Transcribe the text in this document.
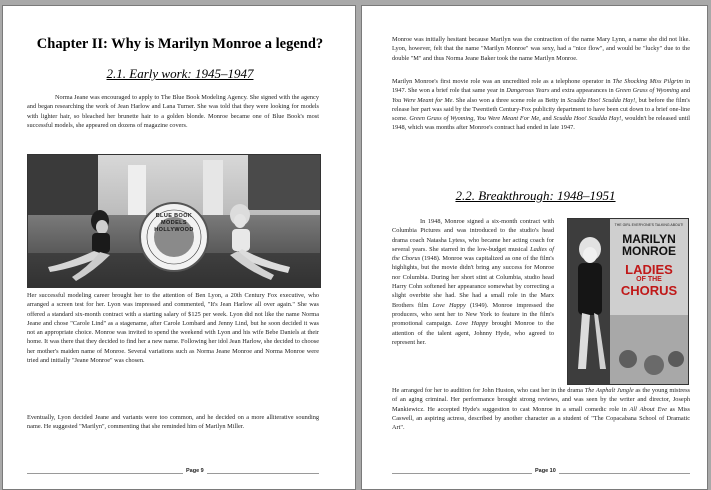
Chapter II: Why is Marilyn Monroe a legend?
2.1. Early work: 1945–1947

Norma Jeane was encouraged to apply to The Blue Book Modeling Agency. She signed with the agency and began researching the work of Jean Harlow and Lana Turner. She was told that they were looking for models with lighter hair, so bleached her brunette hair to a golden blonde. Monroe became one of Blue Book's most successful models, she appeared on dozens of magazine covers.

BLUE BOOK MODELS HOLLYWOOD

Her successful modeling career brought her to the attention of Ben Lyon, a 20th Century Fox executive, who arranged a screen test for her. Lyon was impressed and commented, "It's Jean Harlow all over again." She was offered a standard six-month contract with a starting salary of $125 per week. Lyon did not like the name Norma Jeane and chose "Carole Lind" as a stagename, after Carole Lombard and Jenny Lind, but he soon decided it was not an appropriate choice. Monroe was invited to spend the weekend with Lyon and his wife Bebe Daniels at their home. It was there that they decided to find her a new name. Following her idol Jean Harlow, she decided to choose her mother's maiden name of Monroe. Several variations such as Norma Jeane Monroe and Norma Monroe were tried and initially "Jeane Monroe" was chosen.

Eventually, Lyon decided Jeane and variants were too common, and he decided on a more alliterative sounding name. He suggested "Marilyn", commenting that she reminded him of Marilyn Miller.

Page 9

Monroe was initially hesitant because Marilyn was the contraction of the name Mary Lynn, a name she did not like. Lyon, however, felt that the name "Marilyn Monroe" was sexy, had a "nice flow", and would be "lucky" due to the double "M" and thus Norma Jeane Baker took the name Marilyn Monroe.

Marilyn Monroe's first movie role was an uncredited role as a telephone operator in The Shocking Miss Pilgrim in 1947. She won a brief role that same year in Dangerous Years and extra appearances in Green Grass of Wyoming and You Were Meant for Me. She also won a three scene role as Betty in Scudda Hoo! Scudda Hay!, but before the film's release her part was said by the Twentieth Century-Fox publicity department to have been cut down to a brief one-line scene. Green Grass of Wyoming, You Were Meant For Me, and Scudda Hoo! Scudda Hay!, wouldn't be released until 1948, which was months after Monroe's contract had ended in late 1947.

2.2. Breakthrough: 1948–1951

In 1948, Monroe signed a six-month contract with Columbia Pictures and was introduced to the studio's head drama coach Natasha Lytess, who became her acting coach for several years. She starred in the low-budget musical Ladies of the Chorus (1948). Monroe was capitalized as one of the film's highlights, but the movie didn't bring any success for Monroe nor Columbia. During her short stint at Columbia, studio head Harry Cohn softened her appearance somewhat by correcting a slight overbite she had. She had a small role in the Marx Brothers film Love Happy (1949). Monroe impressed the producers, who sent her to New York to feature in the film's promotional campaign. Love Happy brought Monroe to the attention of the talent agent, Johnny Hyde, who agreed to represent her.

THE GIRL EVERYONE'S TALKING ABOUT!
MARILYN
MONROE
LADIES
OF THE
CHORUS

He arranged for her to audition for John Huston, who cast her in the drama The Asphalt Jungle as the young mistress of an aging criminal. Her performance brought strong reviews, and was seen by the writer and director, Joseph Mankiewicz. He accepted Hyde's suggestion to cast Monroe in a small comedic role in All About Eve as Miss Caswell, an aspiring actress, described by another character as a student of "The Copacabana School of Dramatic Art".

Page 10
